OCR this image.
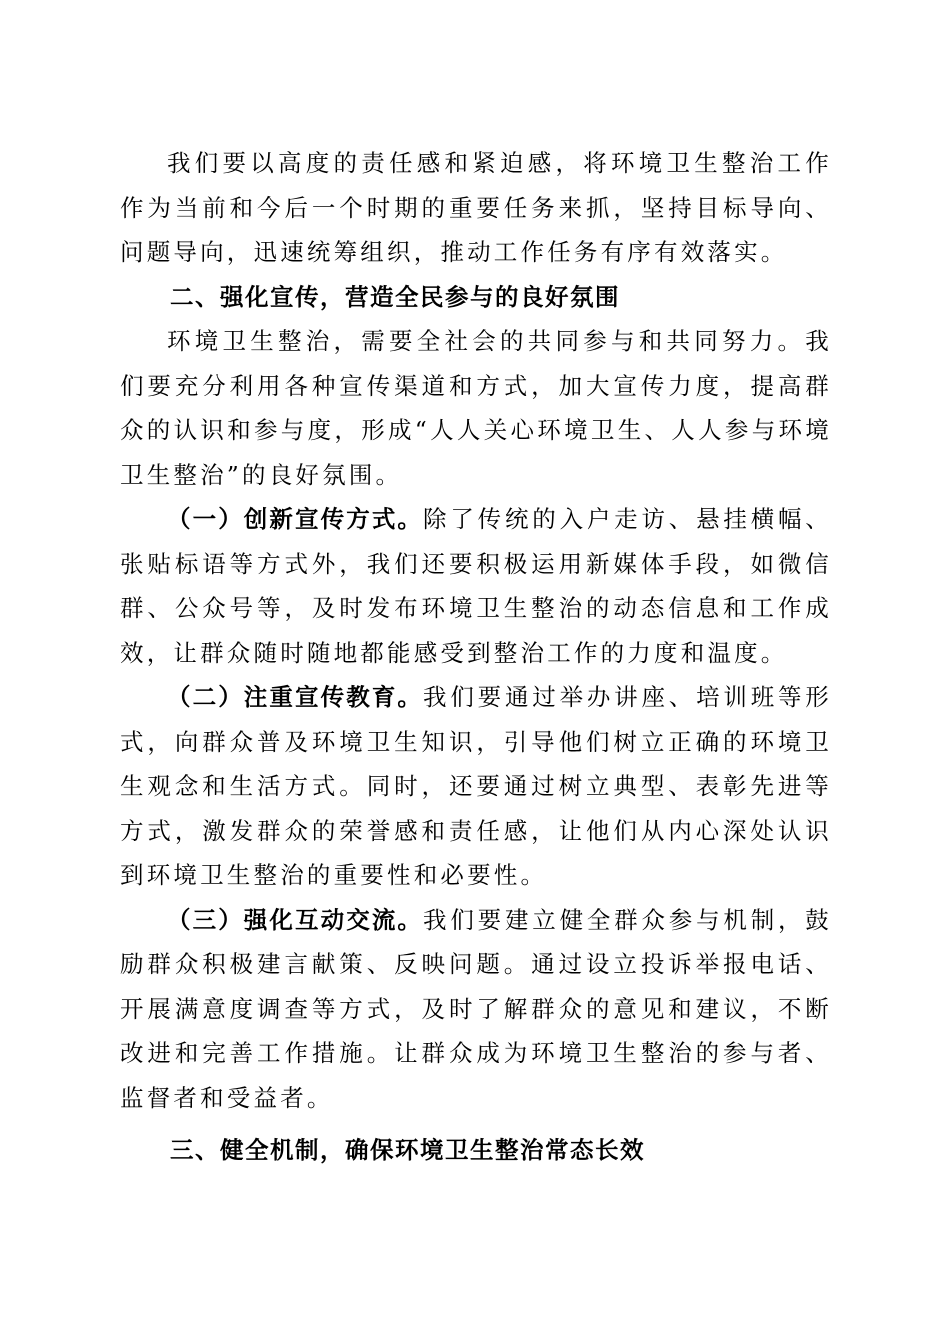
我们要以高度的责任感和紧迫感，将环境卫生整治工作作为当前和今后一个时期的重要任务来抓，坚持目标导向、问题导向，迅速统筹组织，推动工作任务有序有效落实。

二、强化宣传，营造全民参与的良好氛围

环境卫生整治，需要全社会的共同参与和共同努力。我们要充分利用各种宣传渠道和方式，加大宣传力度，提高群众的认识和参与度，形成“人人关心环境卫生、人人参与环境卫生整治”的良好氛围。

（一）创新宣传方式。除了传统的入户走访、悬挂横幅、张贴标语等方式外，我们还要积极运用新媒体手段，如微信群、公众号等，及时发布环境卫生整治的动态信息和工作成效，让群众随时随地都能感受到整治工作的力度和温度。

（二）注重宣传教育。我们要通过举办讲座、培训班等形式，向群众普及环境卫生知识，引导他们树立正确的环境卫生观念和生活方式。同时，还要通过树立典型、表彰先进等方式，激发群众的荣誉感和责任感，让他们从内心深处认识到环境卫生整治的重要性和必要性。

（三）强化互动交流。我们要建立健全群众参与机制，鼓励群众积极建言献策、反映问题。通过设立投诉举报电话、开展满意度调查等方式，及时了解群众的意见和建议，不断改进和完善工作措施。让群众成为环境卫生整治的参与者、监督者和受益者。

三、健全机制，确保环境卫生整治常态长效
